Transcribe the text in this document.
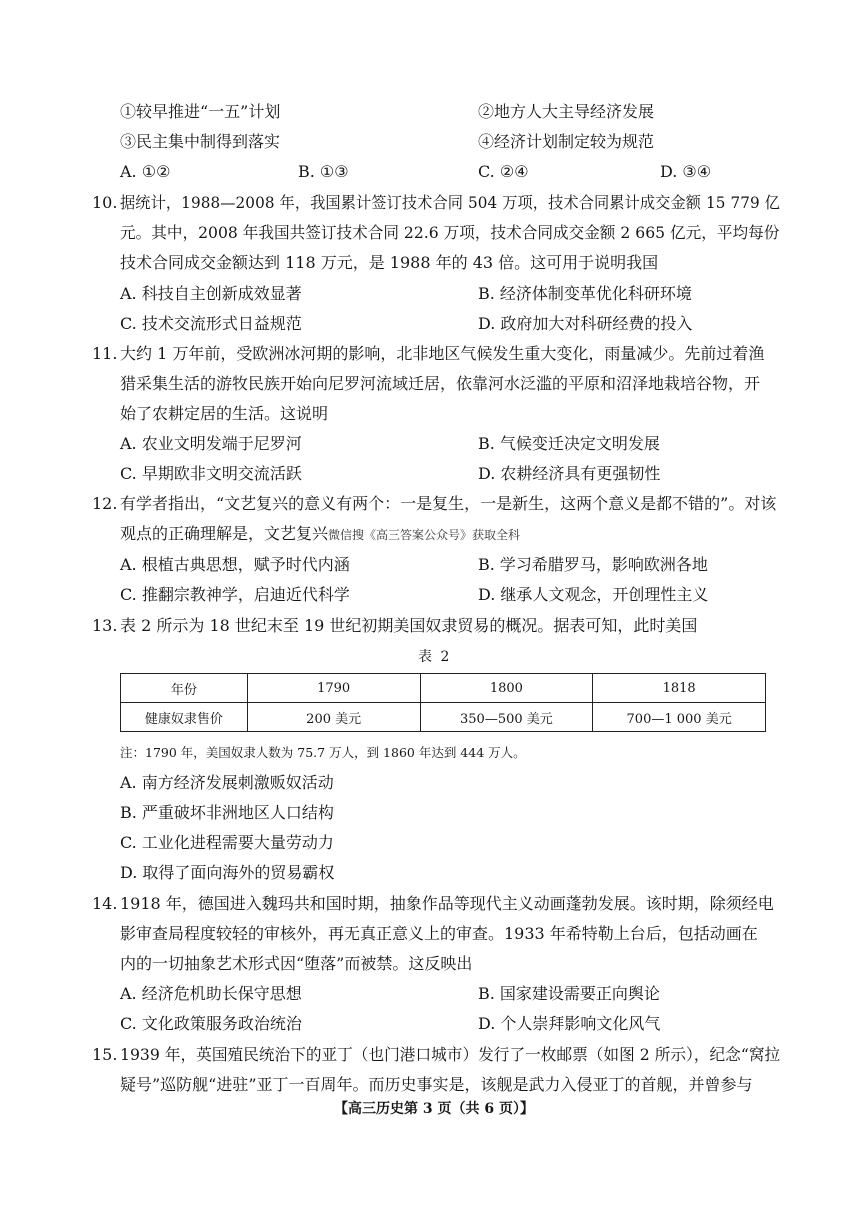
①较早推进“一五”计划	②地方人大主导经济发展
③民主集中制得到落实	④经济计划制定较为规范
A. ①②	B. ①③	C. ②④	D. ③④
10. 据统计，1988—2008 年，我国累计签订技术合同 504 万项，技术合同累计成交金额 15 779 亿
元。其中，2008 年我国共签订技术合同 22.6 万项，技术合同成交金额 2 665 亿元，平均每份
技术合同成交金额达到 118 万元，是 1988 年的 43 倍。这可用于说明我国
A. 科技自主创新成效显著	B. 经济体制变革优化科研环境
C. 技术交流形式日益规范	D. 政府加大对科研经费的投入
11. 大约 1 万年前，受欧洲冰河期的影响，北非地区气候发生重大变化，雨量减少。先前过着渔
猎采集生活的游牧民族开始向尼罗河流域迁居，依靠河水泛滥的平原和沼泽地栽培谷物，开
始了农耕定居的生活。这说明
A. 农业文明发端于尼罗河	B. 气候变迁决定文明发展
C. 早期欧非文明交流活跃	D. 农耕经济具有更强韧性
12. 有学者指出，“文艺复兴的意义有两个：一是复生，一是新生，这两个意义是都不错的”。对该
观点的正确理解是，文艺复兴微信搜《高三答案公众号》获取全科
A. 根植古典思想，赋予时代内涵	B. 学习希腊罗马，影响欧洲各地
C. 推翻宗教神学，启迪近代科学	D. 继承人文观念，开创理性主义
13. 表 2 所示为 18 世纪末至 19 世纪初期美国奴隶贸易的概况。据表可知，此时美国
表 2
年份	1790	1800	1818
健康奴隶售价	200 美元	350—500 美元	700—1 000 美元
注：1790 年，美国奴隶人数为 75.7 万人，到 1860 年达到 444 万人。
A. 南方经济发展刺激贩奴活动
B. 严重破坏非洲地区人口结构
C. 工业化进程需要大量劳动力
D. 取得了面向海外的贸易霸权
14. 1918 年，德国进入魏玛共和国时期，抽象作品等现代主义动画蓬勃发展。该时期，除须经电
影审查局程度较轻的审核外，再无真正意义上的审查。1933 年希特勒上台后，包括动画在
内的一切抽象艺术形式因“堕落”而被禁。这反映出
A. 经济危机助长保守思想	B. 国家建设需要正向舆论
C. 文化政策服务政治统治	D. 个人崇拜影响文化风气
15. 1939 年，英国殖民统治下的亚丁（也门港口城市）发行了一枚邮票（如图 2 所示），纪念“窝拉
疑号”巡防舰“进驻”亚丁一百周年。而历史事实是，该舰是武力入侵亚丁的首舰，并曾参与
【高三历史第 3 页（共 6 页）】
